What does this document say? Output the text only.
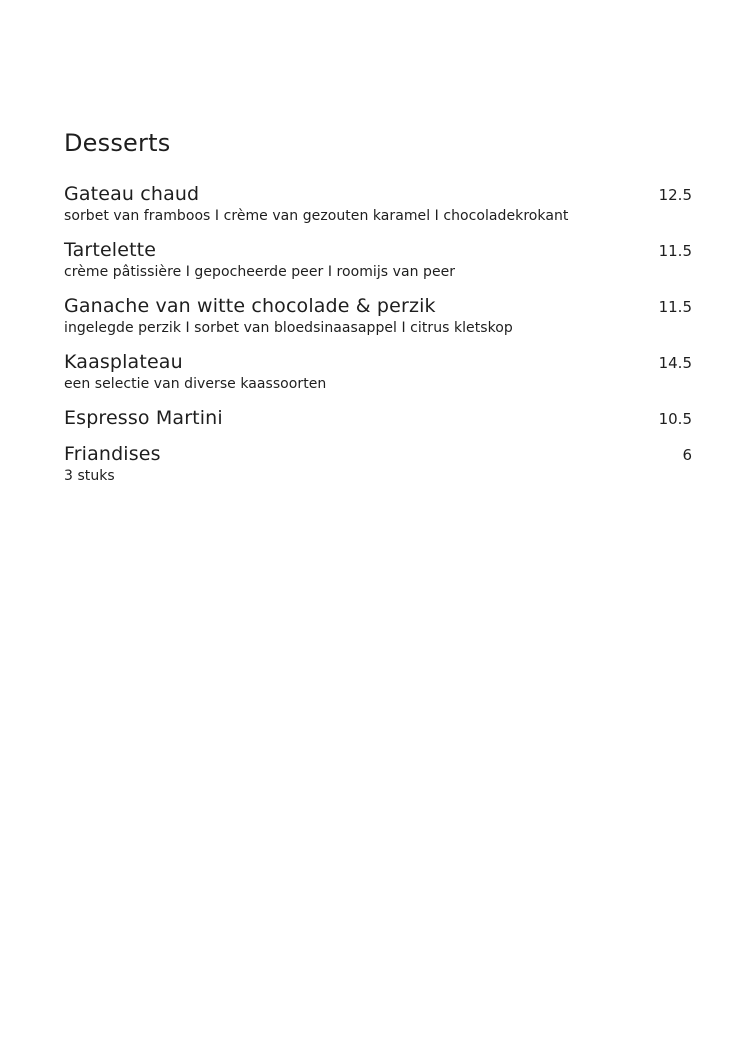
Desserts
Gateau chaud	12.5
sorbet van framboos I crème van gezouten karamel I chocoladekrokant
Tartelette	11.5
crème pâtissière I gepocheerde peer I roomijs van peer
Ganache van witte chocolade & perzik	11.5
ingelegde perzik I sorbet van bloedsinaasappel I citrus kletskop
Kaasplateau	14.5
een selectie van diverse kaassoorten
Espresso Martini	10.5
Friandises	6
3 stuks
